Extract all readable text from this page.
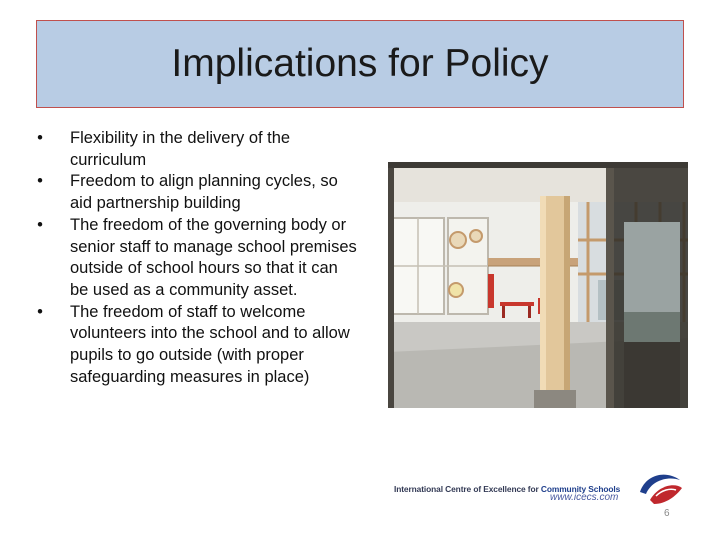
Implications for Policy
•	Flexibility in the delivery of the curriculum
•	Freedom to align planning cycles, so aid partnership building
•	The freedom of the governing body or senior staff to manage school premises outside of school hours so that it can be used as a community asset.
•	The freedom of staff to welcome volunteers into the school and to allow pupils to go outside (with proper safeguarding measures in place)
International Centre of Excellence for Community Schools
www.icecs.com
6
